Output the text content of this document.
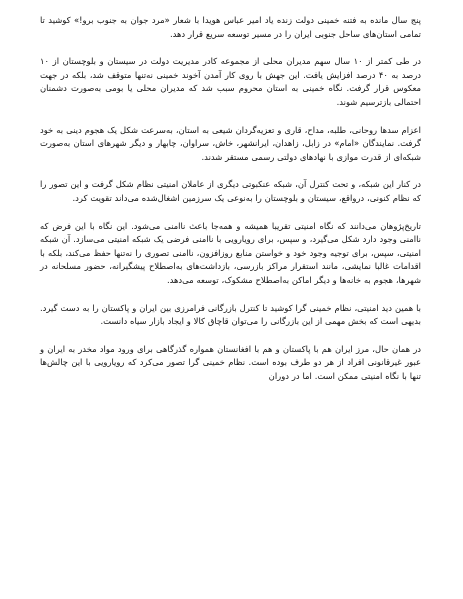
پنج سال مانده به فتنه خمینی دولت زنده یاد امیر عباس هویدا با شعار «مرد جوان به جنوب برو!» کوشید تا تمامی استان‌های ساحل جنوبی ایران را در مسیر توسعه سریع قرار دهد.

در طی کمتر از ۱۰ سال سهم مدیران محلی از مجموعه کادر مدیریت دولت در سیستان و بلوچستان از ۱۰ درصد به ۴۰ درصد افزایش یافت. این جهش با روی کار آمدن آخوند خمینی نه‌تنها متوقف شد، بلکه در جهت معکوس قرار گرفت. نگاه خمینی به استان محروم سبب شد که مدیران محلی یا بومی به‌صورت دشمنان احتمالی بازترسیم شوند.

اعزام سدها روحانی، طلبه، مداح، قاری و تعزیه‌گردان شیعی به استان، به‌سرعت شکل یک هجوم دینی به خود گرفت. نمایندگان «امام» در زابل، زاهدان، ایرانشهر، خاش، سراوان، چابهار و دیگر شهرهای استان به‌صورت شبکه‌ای از قدرت موازی با نهادهای دولتی رسمی مستقر شدند.

در کنار این شبکه، و تحت کنترل آن، شبکه عنکبوتی دیگری از عاملان امنیتی نظام شکل گرفت و این تصور را که نظام کنونی، درواقع، سیستان و بلوچستان را به‌نوعی یک سرزمین اشغال‌شده می‌داند تقویت کرد.

تاریخ‌پژوهان می‌دانند که نگاه امنیتی تقریبا همیشه و همه‌جا باعث ناامنی می‌شود. این نگاه با این فرض که ناامنی وجود دارد شکل می‌گیرد، و سپس، برای رویارویی با ناامنی فرضی یک شبکه امنیتی می‌سازد. آن شبکه امنیتی، سپس، برای توجیه وجود خود و خواستن منابع روزافزون، ناامنی تصوری را نه‌تنها حفظ می‌کند، بلکه با اقدامات غالبا نمایشی، مانند استقرار مراکز بازرسی، بازداشت‌های به‌اصطلاح پیشگیرانه، حضور مسلحانه در شهرها، هجوم به خانه‌ها و دیگر اماکن به‌اصطلاح مشکوک، توسعه می‌دهد.

با همین دید امنیتی، نظام خمینی گرا کوشید تا کنترل بازرگانی فرامرزی بین ایران و پاکستان را به دست گیرد. بدیهی است که بخش مهمی از این بازرگانی را می‌توان قاچاق کالا و ایجاد بازار سیاه دانست.

در همان حال، مرز ایران هم با پاکستان و هم با افغانستان همواره گذرگاهی برای ورود مواد مخدر به ایران و عبور غیرقانونی افراد از هر دو طرف بوده است. نظام خمینی گرا تصور می‌کرد که رویارویی با این چالش‌ها تنها با نگاه امنیتی ممکن است. اما در دوران
